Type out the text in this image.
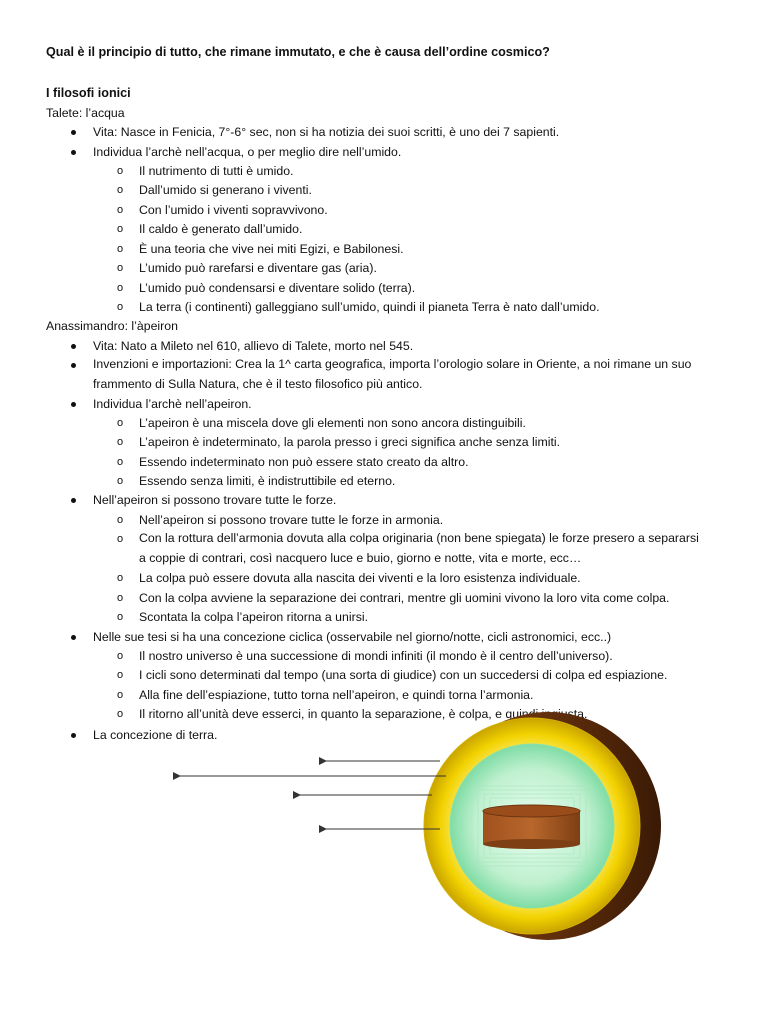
Qual è il principio di tutto, che rimane immutato, e che è causa dell’ordine cosmico?
I filosofi ionici
Talete: l’acqua
Vita: Nasce in Fenicia, 7°-6° sec, non si ha notizia dei suoi scritti, è uno dei 7 sapienti.
Individua l’archè nell’acqua, o per meglio dire nell’umido.
o Il nutrimento di tutti è umido.
o Dall’umido si generano i viventi.
o Con l’umido i viventi sopravvivono.
o Il caldo è generato dall’umido.
o È una teoria che vive nei miti Egizi, e Babilonesi.
o L’umido può rarefarsi e diventare gas (aria).
o L’umido può condensarsi e diventare solido (terra).
o La terra (i continenti) galleggiano sull’umido, quindi il pianeta Terra è nato dall’umido.
Anassimandro: l’àpeiron
Vita: Nato a Mileto nel 610, allievo di Talete, morto nel 545.
Invenzioni e importazioni: Crea la 1^ carta geografica, importa l’orologio solare in Oriente, a noi rimane un suo frammento di Sulla Natura, che è il testo filosofico più antico.
Individua l’archè nell’apeiron.
o L’apeiron è una miscela dove gli elementi non sono ancora distinguibili.
o L’apeiron è indeterminato, la parola presso i greci significa anche senza limiti.
o Essendo indeterminato non può essere stato creato da altro.
o Essendo senza limiti, è indistruttibile ed eterno.
Nell’apeiron si possono trovare tutte le forze.
o Nell’apeiron si possono trovare tutte le forze in armonia.
o Con la rottura dell’armonia dovuta alla colpa originaria (non bene spiegata) le forze presero a separarsi a coppie di contrari, così nacquero luce e buio, giorno e notte, vita e morte, ecc…
o La colpa può essere dovuta alla nascita dei viventi e la loro esistenza individuale.
o Con la colpa avviene la separazione dei contrari, mentre gli uomini vivono la loro vita come colpa.
o Scontata la colpa l’apeiron ritorna a unirsi.
Nelle sue tesi si ha una concezione ciclica (osservabile nel giorno/notte, cicli astronomici, ecc..)
o Il nostro universo è una successione di mondi infiniti (il mondo è il centro dell’universo).
o I cicli sono determinati dal tempo (una sorta di giudice) con un succedersi di colpa ed espiazione.
o Alla fine dell’espiazione, tutto torna nell’apeiron, e quindi torna l’armonia.
o Il ritorno all’unità deve esserci, in quanto la separazione, è colpa, e quindi ingiusta.
La concezione di terra.
